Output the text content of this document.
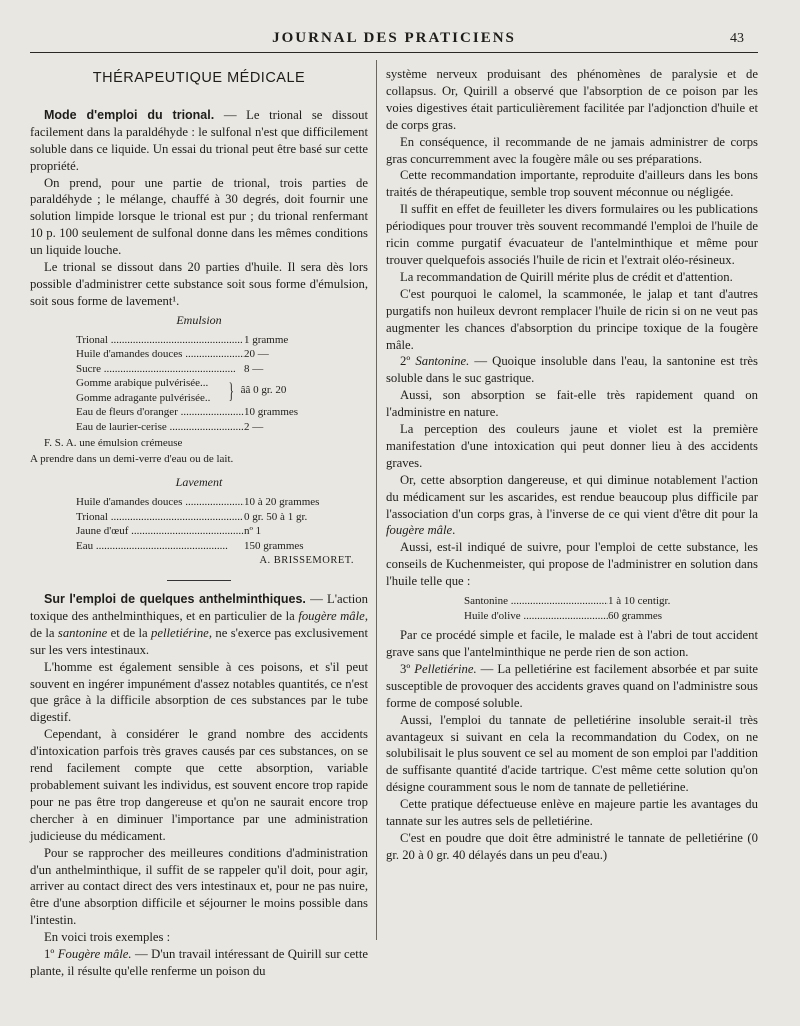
JOURNAL DES PRATICIENS	43
THÉRAPEUTIQUE MÉDICALE

Mode d'emploi du trional. — Le trional se dissout facilement dans la paraldéhyde : le sulfonal n'est que difficilement soluble dans ce liquide. Un essai du trional peut être basé sur cette propriété.

On prend, pour une partie de trional, trois parties de paraldéhyde ; le mélange, chauffé à 30 degrés, doit fournir une solution limpide lorsque le trional est pur ; du trional renfermant 10 p. 100 seulement de sulfonal donne dans les mêmes conditions un liquide louche.

Le trional se dissout dans 20 parties d'huile. Il sera dès lors possible d'administrer cette substance soit sous forme d'émulsion, soit sous forme de lavement¹.

Emulsion
Trional .....	1 gramme
Huile d'amandes douces .....	20 —
Sucre .....	8 —
Gomme arabique pulvérisée...
Gomme adragante pulvérisée.. } ââ 0 gr. 20
Eau de fleurs d'oranger .....	10 grammes
Eau de laurier-cerise .....	2 —
F. S. A. une émulsion crémeuse
A prendre dans un demi-verre d'eau ou de lait.
Lavement
Huile d'amandes douces .....	10 à 20 grammes
Trional .....	0 gr. 50 à 1 gr.
Jaune d'œuf .....	nº 1
Eau .....	150 grammes
A. BRISSEMORET.

Sur l'emploi de quelques anthelminthiques. — L'action toxique des anthelminthiques, et en particulier de la fougère mâle, de la santonine et de la pelletiérine, ne s'exerce pas exclusivement sur les vers intestinaux.

L'homme est également sensible à ces poisons, et s'il peut souvent en ingérer impunément d'assez notables quantités, ce n'est que grâce à la difficile absorption de ces substances par le tube digestif.

Cependant, à considérer le grand nombre des accidents d'intoxication parfois très graves causés par ces substances, on se rend facilement compte que cette absorption, variable probablement suivant les individus, est souvent encore trop rapide pour ne pas être trop dangereuse et qu'on ne saurait encore trop chercher à en diminuer l'importance par une administration judicieuse du médicament.

Pour se rapprocher des meilleures conditions d'administration d'un anthelminthique, il suffit de se rappeler qu'il doit, pour agir, arriver au contact direct des vers intestinaux et, pour ne pas nuire, être d'une absorption difficile et séjourner le moins possible dans l'intestin.

En voici trois exemples :

1º Fougère mâle. — D'un travail intéressant de Quirill sur cette plante, il résulte qu'elle renferme un poison du

système nerveux produisant des phénomènes de paralysie et de collapsus. Or, Quirill a observé que l'absorption de ce poison par les voies digestives était particulièrement facilitée par l'adjonction d'huile et de corps gras.

En conséquence, il recommande de ne jamais administrer de corps gras concurremment avec la fougère mâle ou ses préparations.

Cette recommandation importante, reproduite d'ailleurs dans les bons traités de thérapeutique, semble trop souvent méconnue ou négligée.

Il suffit en effet de feuilleter les divers formulaires ou les publications périodiques pour trouver très souvent recommandé l'emploi de l'huile de ricin comme purgatif évacuateur de l'antelminthique et même pour trouver quelquefois associés l'huile de ricin et l'extrait oléo-résineux.

La recommandation de Quirill mérite plus de crédit et d'attention.

C'est pourquoi le calomel, la scammonée, le jalap et tant d'autres purgatifs non huileux devront remplacer l'huile de ricin si on ne veut pas augmenter les chances d'absorption du principe toxique de la fougère mâle.

2º Santonine. — Quoique insoluble dans l'eau, la santonine est très soluble dans le suc gastrique.

Aussi, son absorption se fait-elle très rapidement quand on l'administre en nature.

La perception des couleurs jaune et violet est la première manifestation d'une intoxication qui peut donner lieu à des accidents graves.

Or, cette absorption dangereuse, et qui diminue notablement l'action du médicament sur les ascarides, est rendue beaucoup plus difficile par l'association d'un corps gras, à l'inverse de ce qui vient d'être dit pour la fougère mâle.

Aussi, est-il indiqué de suivre, pour l'emploi de cette substance, les conseils de Kuchenmeister, qui propose de l'administrer en solution dans l'huile telle que :

Santonine .....	1 à 10 centigr.
Huile d'olive .....	60 grammes

Par ce procédé simple et facile, le malade est à l'abri de tout accident grave sans que l'antelminthique ne perde rien de son action.

3º Pelletiérine. — La pelletiérine est facilement absorbée et par suite susceptible de provoquer des accidents graves quand on l'administre sous forme de composé soluble.

Aussi, l'emploi du tannate de pelletiérine insoluble serait-il très avantageux si suivant en cela la recommandation du Codex, on ne solubilisait le plus souvent ce sel au moment de son emploi par l'addition de suffisante quantité d'acide tartrique. C'est même cette solution qu'on désigne couramment sous le nom de tannate de pelletiérine.

Cette pratique défectueuse enlève en majeure partie les avantages du tannate sur les autres sels de pelletiérine.

C'est en poudre que doit être administré le tannate de pelletiérine (0 gr. 20 à 0 gr. 40 délayés dans un peu d'eau.)
